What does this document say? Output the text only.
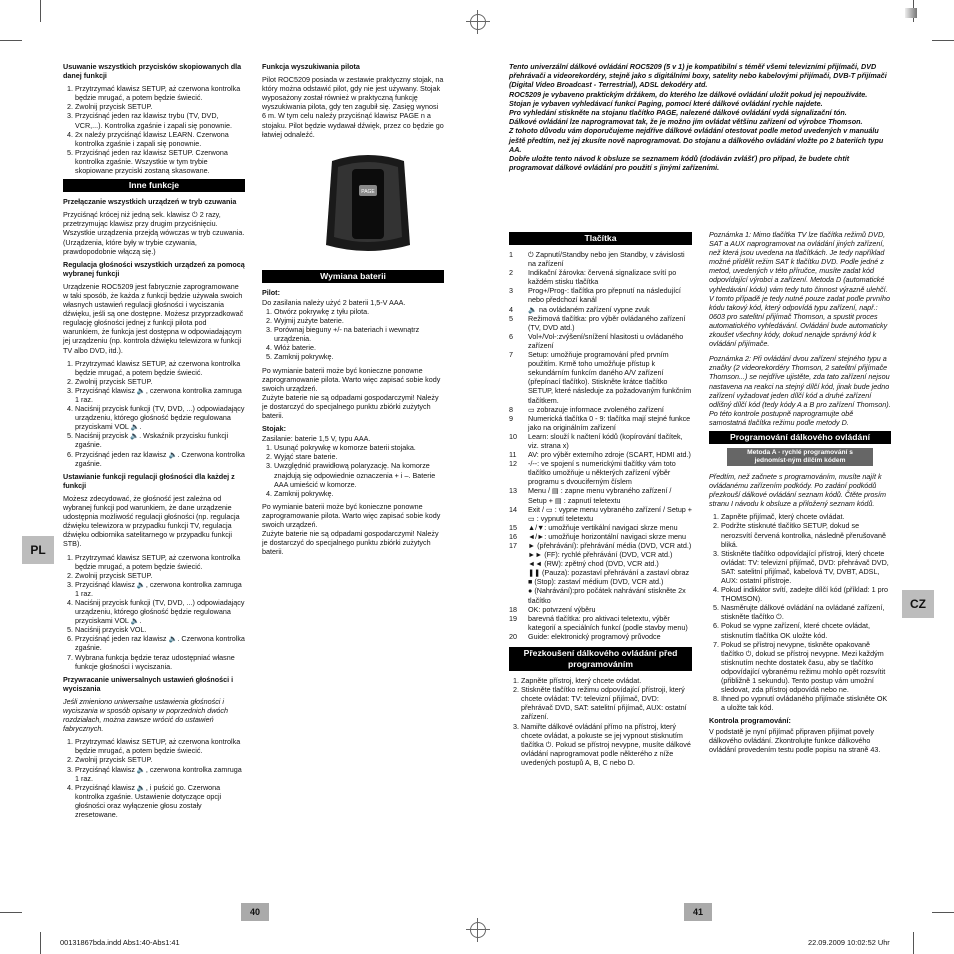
Usuwanie wszystkich przycisków skopiowanych dla danej funkcji

1. Przytrzymać klawisz SETUP, aż czerwona kontrolka będzie mrugać, a potem będzie świecić.
2. Zwolnij przycisk SETUP.
3. Przyciśnąć jeden raz klawisz trybu (TV, DVD, VCR,...). Kontrolka zgaśnie i zapali się ponownie.
4. 2x naleźy przyciśnąć klawisz LEARN. Czerwona kontrolka zgaśnie i zapali się ponownie.
5. Przyciśnąć jeden raz klawisz SETUP. Czerwona kontrolka zgaśnie. Wszystkie w tym trybie skopiowane przyciski zostaną skasowane.
Inne funkcje

Przełączanie wszystkich urządzeń w tryb czuwania

Przyciśnąć krócej niż jedną sek. klawisz ⏻ 2 razy, przetrzymując klawisz przy drugim przyciśnięciu. Wszystkie urządzenia przejdą wówczas w tryb czuwania. (Urządzenia, które były w trybie czywania, prawdopodobnie włączą się.)

Regulacja głośności wszystkich urządzeń za pomocą wybranej funkcji

Urządzenie ROC5209 jest fabrycznie zaprogramowane w taki sposób, że każda z funkcji będzie używała swoich własnych ustawień regulacji głośności i wyciszania dźwięku, jeśli są one dostępne. Możesz przyprzadkowač regulację głośności jednej z funkcji pilota pod warunkiem, że funkcja jest dostępna w odpowiadającym jej urządzeniu (np. kontrola dźwięku telewizora w funkcji TV albo DVD, itd.).

1. Przytrzymać klawisz SETUP, aż czerwona kontrolka będzie mrugać, a potem będzie świecić.
2. Zwolnij przycisk SETUP.
3. Przyciśnąć klawisz 🔈, czerwona kontrolka zamruga 1 raz.
4. Naciśnij przycisk funkcji (TV, DVD, ...) odpowiadający urządzeniu, którego głośność będzie regulowana przyciskami VOL 🔈.
5. Naciśnij przycisk 🔈. Wskaźnik przycisku funkcji zgaśnie.
6. Przyciśnąć jeden raz klawisz 🔈. Czerwona kontrolka zgaśnie.

Ustawianie funkcji regulacji głośności dla każdej z funkcji

Możesz zdecydować, że głośność jest zależna od wybranej funkcji pod warunkiem, że dane urządzenie udostępnia możliwość regulacji głośności (np. regulacja dźwięku telewizora w przypadku funkcji TV, regulacja dźwięku odbiornika satelitarnego w przypadku funkcji STB).

1. Przytrzymać klawisz SETUP, aż czerwona kontrolka będzie mrugać, a potem będzie świecić.
2. Zwolnij przycisk SETUP.
3. Przyciśnąć klawisz 🔈, czerwona kontrolka zamruga 1 raz.
4. Naciśnij przycisk funkcji (TV, DVD, ...) odpowiadający urządzeniu, którego głośność będzie regulowana przyciskami VOL 🔈.
5. Naciśnij przycisk VOL.
6. Przyciśnąć jeden raz klawisz 🔈. Czerwona kontrolka zgaśnie.
7. Wybrana funkcja będzie teraz udostępniać własne funkcje głośności i wyciszania.

Przywracanie uniwersalnych ustawień głośności i wyciszania

Jeśli zmieniono uniwersalne ustawienia głośności i wyciszania w sposób opisany w poprzednich dwóch rozdziałach, można zawsze wrócić do ustawień fabrycznych.

1. Przytrzymać klawisz SETUP, aż czerwona kontrolka będzie mrugać, a potem będzie świecić.
2. Zwolnij przycisk SETUP.
3. Przyciśnąć klawisz 🔈, czerwona kontrolka zamruga 1 raz.
4. Przyciśnąć klawisz 🔈, i puścić go. Czerwona kontrolka zgaśnie. Ustawienie dotyczące opcji głośności oraz wyłączenie głosu zostały zresetowane.

Funkcja wyszukiwania pilota

Pilot ROC5209 posiada w zestawie praktyczny stojak, na który można odstawić pilot, gdy nie jest używany. Stojak wyposażony został również w praktyczną funkcję wyszukiwania pilota, gdy ten zagubił się. Zasięg wynosi 6 m. W tym celu naleźy przyciśnąć klawisz PAGE n a stojaku. Pilot będzie wydawał dźwięk, przez co będzie go łatwiej odnaleźć.

PAGE
Wymiana baterii

Pilot:

Do zasilania należy użyć 2 baterii 1,5-V AAA.

1. Otwórz pokrywkę z tyłu pilota.
2. Wyjmij zużyte baterie.
3. Porównaj bieguny +/- na bateriach i wewnątrz urządzenia.
4. Włóż baterie.
5. Zamknij pokrywkę.

Po wymianie baterii może być konieczne ponowne zaprogramowanie pilota. Warto więc zapisać sobie kody swoich urządzeń.

Zużyte baterie nie są odpadami gospodarczymi! Należy je dostarczyć do specjalnego punktu zbiórki zużytych baterii.

Stojak:

Zasilanie: baterie 1,5 V, typu AAA.

1. Usunąć pokrywkę w komorze baterii stojaka.
2. Wyjąć stare baterie.
3. Uwzględnić prawidłową polaryzację. Na komorze znajdują się odpowiednie oznaczenia + i –. Baterie AAA umieścić w komorze.
4. Zamknij pokrywkę.

Po wymianie baterii może być konieczne ponowne zaprogramowanie pilota. Warto więc zapisać sobie kody swoich urządzeń.

Zużyte baterie nie są odpadami gospodarczymi! Należy je dostarczyć do specjalnego punktu zbiórki zużytych baterii.

Tento univerzální dálkové ovládání ROC5209 (5 v 1) je kompatibilní s téměř všemi televizními přijímači, DVD přehrávači a videorekordéry, stejně jako s digitálními boxy, satelity nebo kabelovými přijímači, DVB-T přijímači (Digital Video Broadcast - Terrestrial), ADSL dekodéry atd.

ROC5209 je vybaveno praktickým držákem, do kterého lze dálkové ovládání uložit pokud jej nepoužíváte.

Stojan je vybaven vyhledávací funkcí Paging, pomocí které dálkové ovládání rychle najdete.

Pro vyhledání stiskněte na stojanu tlačítko PAGE, nalezené dálkové ovládání vydá signalizační tón.

Dálkové ovládání lze naprogramovat tak, že je možno jím ovládat většinu zařízení od výrobce Thomson.

Z tohoto důvodu vám doporučujeme nejdříve dálkové ovládání otestovat podle metod uvedených v manuálu ještě předtím, než jej zkusíte nově naprogramovat. Do stojanu a dálkového ovládání vložte po 2 bateriích typu AA.

Dobře uložte tento návod k obsluze se seznamem kódů (dodáván zvlášť) pro případ, že budete chtít programovat dálkové ovládání pro použití s jinými zařízeními.

Tlačítka
1	⏻ Zapnutí/Standby nebo jen Standby, v závislosti na zařízení
2	Indikační žárovka: červená signalizace svítí po každém stisku tlačítka
3	Prog+/Prog-: tlačítka pro přepnutí na následující nebo předchozí kanál
4	🔈 na ovládaném zařízení vypne zvuk
5	Režimová tlačítka: pro výběr ovládaného zařízení (TV, DVD atd.)
6	Vol+/Vol-:zvýšení/snížení hlasitosti u ovládaného zařízení
7	Setup: umožňuje programování před prvním použitím. Krmě toho umožňuje přístup k sekundárním funkcím daného A/V zařízení (přepínací tlačítko). Stiskněte krátce tlačítko SETUP, které následuje za požadovaným funkčním tlačítkem.
8	▭ zobrazuje informace zvoleného zařízení
9	Numerická tlačítka 0 - 9: tlačítka mají stejné funkce jako na originálním zařízení
10	Learn: slouží k načtení kódů (kopírování tlačítek, viz. strana x)
11	AV: pro výběr externího zdroje (SCART, HDMI atd.)
12	-/--: ve spojení s numerickými tlačítky vám toto tlačítko umožňuje u některých zařízení výběr programu s dvouciferným číslem
13	Menu / ▤ : zapne menu vybraného zařízení / Setup + ▤ : zapnutí teletextu
14	Exit / ▭ : vypne menu vybraného zařízení / Setup + ▭ : vypnutí teletextu
15	▲/▼: umožňuje vertikální navigaci skrze menu
16	◄/►: umožňuje horizontální navigaci skrze menu
17	► (přehrávání): přehrávání média (DVD, VCR atd.)
►► (FF): rychlé přehrávání (DVD, VCR atd.)
◄◄ (RW): zpětný chod (DVD, VCR atd.)
❚❚ (Pauza): pozastaví přehrávání a zastaví obraz
■ (Stop): zastaví médium (DVD, VCR atd.)
● (Nahrávání):pro počátek nahrávání stiskněte 2x tlačítko
18	OK: potvrzení výběru
19	barevná tlačítka: pro aktivaci teletextu, výběr kategorií a speciálních funkcí (podle stavby menu)
20	Guide: elektronický programový průvodce
Přezkoušení dálkového ovládání před programováním
1. Zapněte přístroj, který chcete ovládat.
2. Stiskněte tlačítko režimu odpovídající přístroji, který chcete ovládat: TV: televizní přijímač, DVD: přehrávač DVD, SAT: satelitní přijímač, AUX: ostatní zařízení.
3. Namiřte dálkové ovládání přímo na přístroj, který chcete ovládat, a pokuste se jej vypnout stisknutím tlačítka ⏻. Pokud se přístroj nevypne, musíte dálkové ovládání naprogramovat podle některého z níže uvedených postupů A, B, C nebo D.

Poznámka 1: Mimo tlačítka TV lze tlačítka režimů DVD, SAT a AUX naprogramovat na ovládání jiných zařízení, než která jsou uvedena na tlačítkách. Je tedy například možné přidělit režim SAT k tlačítku DVD. Podle jedné z metod, uvedených v této příručce, musíte zadat kód odpovídající výrobci a zařízení. Metoda D (automatické vyhledávání kódu) vám tedy tuto činnost výrazně ulehčí. V tomto případě je tedy nutné pouze zadat podle prvního kódu takový kód, který odpovídá typu zařízení, např.: 0603 pro satelitní přijímač Thomson, a spustit proces automatického vyhledávání. Ovládání bude automaticky zkoušet všechny kódy, dokud nenajde správný kód k ovládání přijímače.

Poznámka 2: Při ovládání dvou zařízení stejného typu a značky (2 videorekordéry Thomson, 2 satelitní přijímače Thomson...) se nejdříve ujistěte, zda tato zařízení nejsou nastavena na reakci na stejný dílčí kód, jinak bude jedno zařízení vyžadovat jeden dílčí kód a druhé zařízení odlišný dílčí kód (tedy kódy A a B pro zařízení Thomson). Po této kontrole postupně naprogramujte obě samostatná tlačítka režimu podle metody D.

Programování dálkového ovládání
Metoda A - rychlé programování s jednomíst-ným dílčím kódem

Předtím, než začnete s programováním, musíte najít k ovládanému zařízením podkódy. Po zadání podkódů přezkouší dálkové ovládání seznam kódů. Čtěte prosím stranu I návodu k obsluze a přiložený seznam kódů.

1. Zapněte přijímač, který chcete ovládat.
2. Podržte stisknuté tlačítko SETUP, dokud se nerozsvítí červená kontrolka, následně přerušovaně bliká.
3. Stiskněte tlačítko odpovídající přístroji, který chcete ovládat: TV: televizní přijímač, DVD: přehrávač DVD, SAT: satelitní přijímač, kabelová TV, DVBT, ADSL, AUX: ostatní přístroje.
4. Pokud indikátor svítí, zadejte dílčí kód (příklad: 1 pro THOMSON).
5. Nasměrujte dálkové ovládání na ovládané zařízení, stiskněte tlačítko ⏻.
6. Pokud se vypne zařízení, které chcete ovládat, stisknutím tlačítka OK uložte kód.
7. Pokud se přístroj nevypne, tiskněte opakovaně tlačítko ⏻, dokud se přístroj nevypne. Mezi každým stisknutím nechte dostatek času, aby se tlačítko odpovídající vybranému režimu mohlo opět rozsvítit (přibližně 1 sekundu). Tento postup vám umožní sledovat, zda přístroj odpovídá nebo ne.
8. Ihned po vypnutí ovládaného přijímače stiskněte OK a uložte tak kód.

Kontrola programování:

V podstatě je nyní přijímač připraven přijímat povely dálkového ovládání. Zkontrolujte funkce dálkového ovládání provedením testu podle popisu na straně 43.

PL
CZ
40	41
00131867bda.indd Abs1:40-Abs1:41	22.09.2009 10:02:52 Uhr
